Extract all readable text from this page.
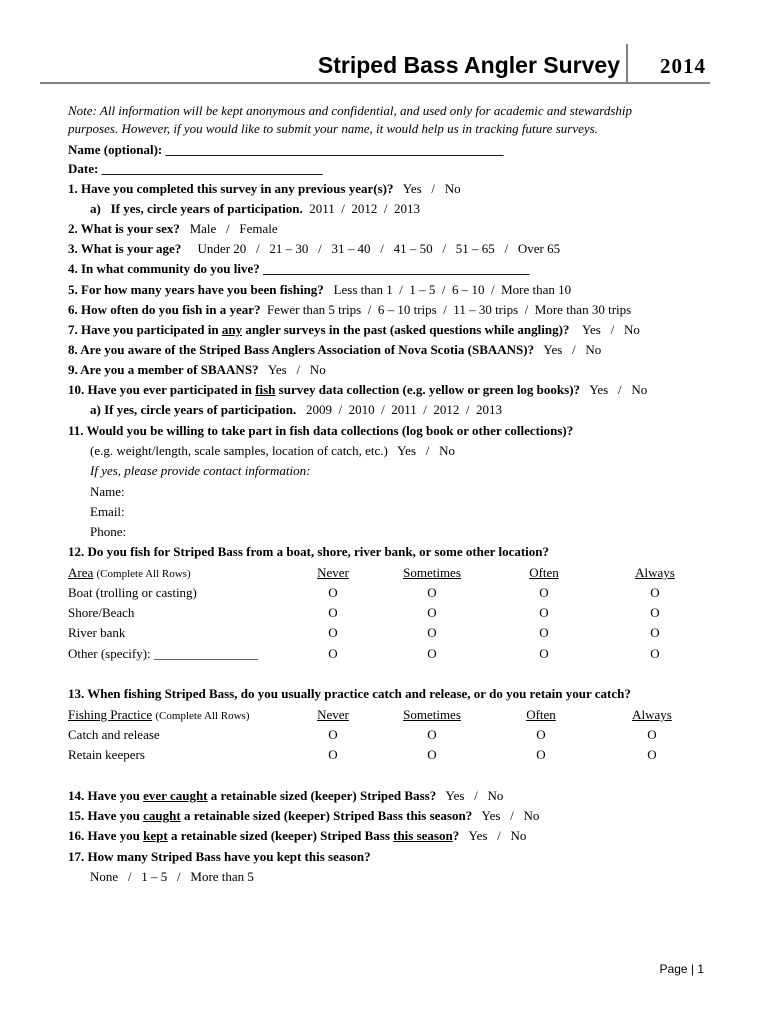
Striped Bass Angler Survey 2014
Note: All information will be kept anonymous and confidential, and used only for academic and stewardship
purposes. However, if you would like to submit your name, it would help us in tracking future surveys.
Name (optional): ____________________________________________________
Date: __________________________________
1. Have you completed this survey in any previous year(s)? Yes   /   No
a)   If yes, circle years of participation. 2011  /  2012  /  2013
2. What is your sex? Male   /   Female
3. What is your age? Under 20   /   21 – 30   /   31 – 40   /   41 – 50   /   51 – 65   /   Over 65
4. In what community do you live? _________________________________________
5. For how many years have you been fishing? Less than 1  /  1 – 5  /  6 – 10  /  More than 10
6. How often do you fish in a year? Fewer than 5 trips  /  6 – 10 trips  /  11 – 30 trips  /  More than 30 trips
7. Have you participated in any angler surveys in the past (asked questions while angling)? Yes   /   No
8. Are you aware of the Striped Bass Anglers Association of Nova Scotia (SBAANS)? Yes   /   No
9. Are you a member of SBAANS? Yes   /   No
10. Have you ever participated in fish survey data collection (e.g. yellow or green log books)? Yes   /   No
a) If yes, circle years of participation. 2009  /  2010  /  2011  /  2012  /  2013
11. Would you be willing to take part in fish data collections (log book or other collections)?
(e.g. weight/length, scale samples, location of catch, etc.) Yes   /   No
If yes, please provide contact information:
Name:
Email:
Phone:
12. Do you fish for Striped Bass from a boat, shore, river bank, or some other location?
Area (Complete All Rows)	Never	Sometimes	Often	Always
Boat (trolling or casting)	O	O	O	O
Shore/Beach	O	O	O	O
River bank	O	O	O	O
Other (specify): ________________	O	O	O	O
13. When fishing Striped Bass, do you usually practice catch and release, or do you retain your catch?
Fishing Practice (Complete All Rows)	Never	Sometimes	Often	Always
Catch and release	O	O	O	O
Retain keepers	O	O	O	O
14. Have you ever caught a retainable sized (keeper) Striped Bass? Yes   /   No
15. Have you caught a retainable sized (keeper) Striped Bass this season? Yes   /   No
16. Have you kept a retainable sized (keeper) Striped Bass this season? Yes   /   No
17. How many Striped Bass have you kept this season?
None   /   1 – 5   /   More than 5
Page | 1
